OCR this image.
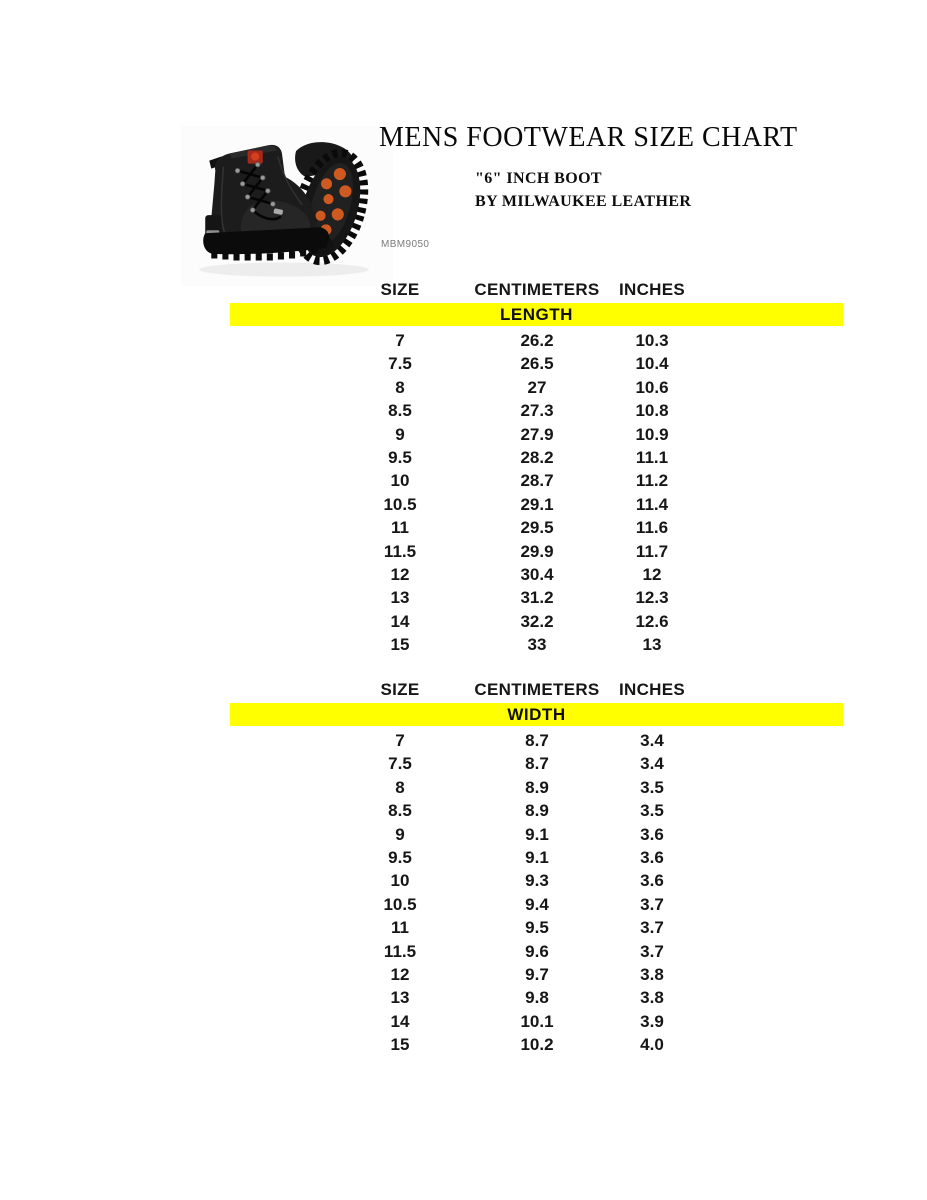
MENS FOOTWEAR SIZE CHART
"6" INCH BOOT
BY MILWAUKEE LEATHER
MBM9050
SIZE	CENTIMETERS INCHES
LENGTH
7	26.2	10.3
7.5	26.5	10.4
8	27	10.6
8.5	27.3	10.8
9	27.9	10.9
9.5	28.2	11.1
10	28.7	11.2
10.5	29.1	11.4
11	29.5	11.6
11.5	29.9	11.7
12	30.4	12
13	31.2	12.3
14	32.2	12.6
15	33	13
SIZE	CENTIMETERS INCHES
WIDTH
7	8.7	3.4
7.5	8.7	3.4
8	8.9	3.5
8.5	8.9	3.5
9	9.1	3.6
9.5	9.1	3.6
10	9.3	3.6
10.5	9.4	3.7
11	9.5	3.7
11.5	9.6	3.7
12	9.7	3.8
13	9.8	3.8
14	10.1	3.9
15	10.2	4.0
